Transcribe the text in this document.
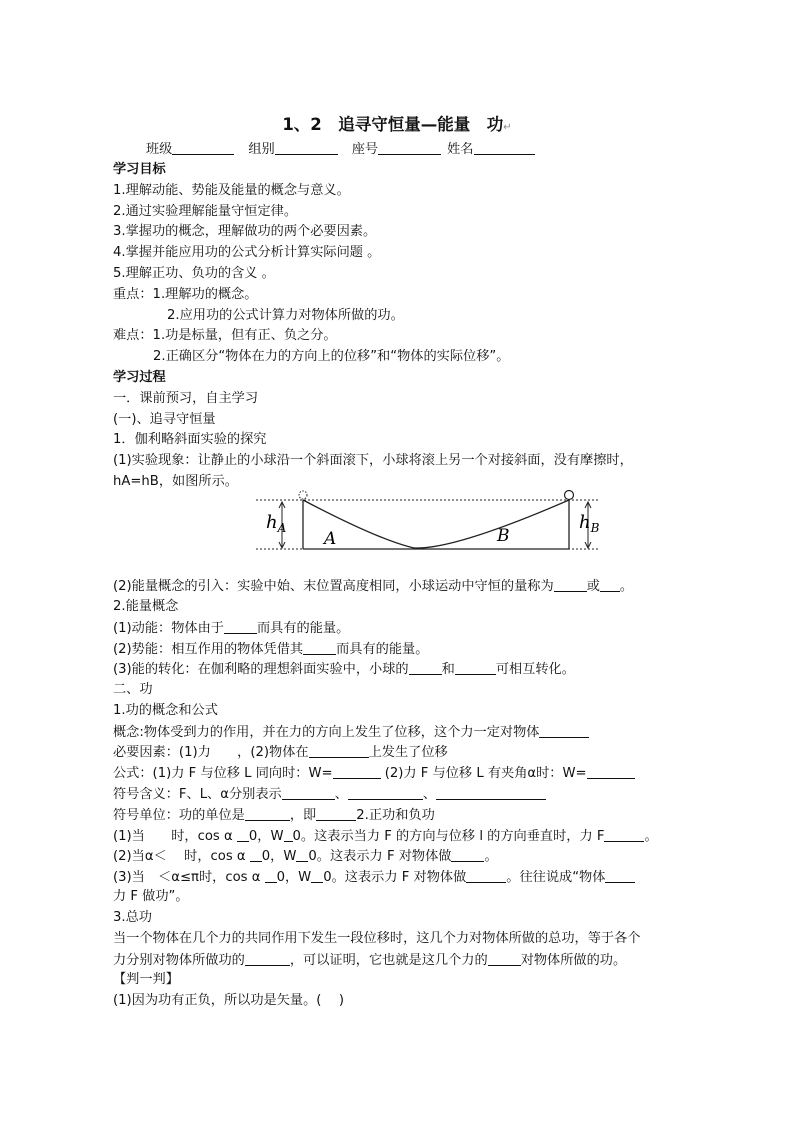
1、2　追寻守恒量—能量　功↵
班级	组别	座号	姓名
学习目标
1.理解动能、势能及能量的概念与意义。
2.通过实验理解能量守恒定律。
3.掌握功的概念，理解做功的两个必要因素。
4.掌握并能应用功的公式分析计算实际问题 。
5.理解正功、负功的含义 。
重点：1.理解功的概念。
2.应用功的公式计算力对物体所做的功。
难点：1.功是标量，但有正、负之分。
2.正确区分“物体在力的方向上的位移”和“物体的实际位移”。
学习过程
一．课前预习，自主学习
(一)、追寻守恒量
1．伽利略斜面实验的探究
(1)实验现象：让静止的小球沿一个斜面滚下，小球将滚上另一个对接斜面，没有摩擦时，
hA=hB，如图所示。
$h_A$	$h_B$
A	B
(2)能量概念的引入：实验中始、末位置高度相同，小球运动中守恒的量称为	或 。
2.能量概念
(1)动能：物体由于	而具有的能量。
(2)势能：相互作用的物体凭借其	而具有的能量。
(3)能的转化：在伽利略的理想斜面实验中，小球的	和	可相互转化。
二、功
1.功的概念和公式
概念:物体受到力的作用，并在力的方向上发生了位移，这个力一定对物体
必要因素：(1)力　　，(2)物体在	上发生了位移
公式：(1)力 F 与位移 L 同向时：W=	(2)力 F 与位移 L 有夹角α时：W=
符号含义：F、L、α分别表示	、	、
符号单位：功的单位是	，即	2.正功和负功
(1)当　　时，cos α 0，W 0。这表示当力 F 的方向与位移 l 的方向垂直时，力 F	。
(2)当α＜　 时，cos α 0，W 0。这表示力 F 对物体做	。
(3)当　＜α≤π时，cos α 0，W 0。这表示力 F 对物体做	。往往说成“物体
力 F 做功”。
3.总功
当一个物体在几个力的共同作用下发生一段位移时，这几个力对物体所做的总功，等于各个
力分别对物体所做功的	，可以证明，它也就是这几个力的	对物体所做的功。
【判一判】
(1)因为功有正负，所以功是矢量。(　 )
